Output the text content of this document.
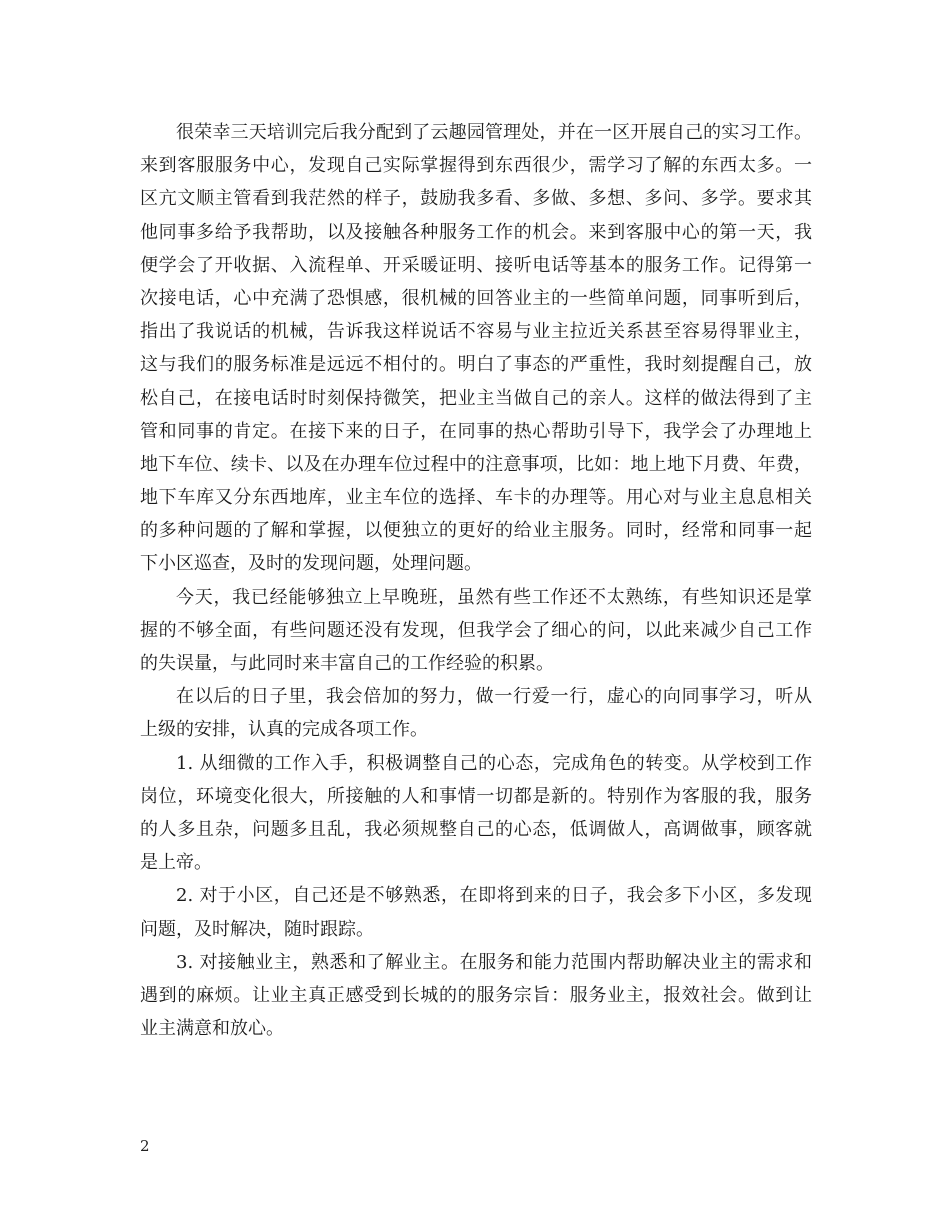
很荣幸三天培训完后我分配到了云趣园管理处，并在一区开展自己的实习工作。
来到客服服务中心，发现自己实际掌握得到东西很少，需学习了解的东西太多。一
区亢文顺主管看到我茫然的样子，鼓励我多看、多做、多想、多问、多学。要求其
他同事多给予我帮助，以及接触各种服务工作的机会。来到客服中心的第一天，我
便学会了开收据、入流程单、开采暖证明、接听电话等基本的服务工作。记得第一
次接电话，心中充满了恐惧感，很机械的回答业主的一些简单问题，同事听到后，
指出了我说话的机械，告诉我这样说话不容易与业主拉近关系甚至容易得罪业主，
这与我们的服务标准是远远不相付的。明白了事态的严重性，我时刻提醒自己，放
松自己，在接电话时时刻保持微笑，把业主当做自己的亲人。这样的做法得到了主
管和同事的肯定。在接下来的日子，在同事的热心帮助引导下，我学会了办理地上
地下车位、续卡、以及在办理车位过程中的注意事项，比如：地上地下月费、年费，
地下车库又分东西地库，业主车位的选择、车卡的办理等。用心对与业主息息相关
的多种问题的了解和掌握，以便独立的更好的给业主服务。同时，经常和同事一起
下小区巡查，及时的发现问题，处理问题。
今天，我已经能够独立上早晚班，虽然有些工作还不太熟练，有些知识还是掌
握的不够全面，有些问题还没有发现，但我学会了细心的问，以此来减少自己工作
的失误量，与此同时来丰富自己的工作经验的积累。
在以后的日子里，我会倍加的努力，做一行爱一行，虚心的向同事学习，听从
上级的安排，认真的完成各项工作。
1. 从细微的工作入手，积极调整自己的心态，完成角色的转变。从学校到工作
岗位，环境变化很大，所接触的人和事情一切都是新的。特别作为客服的我，服务
的人多且杂，问题多且乱，我必须规整自己的心态，低调做人，高调做事，顾客就
是上帝。
2. 对于小区，自己还是不够熟悉，在即将到来的日子，我会多下小区，多发现
问题，及时解决，随时跟踪。
3. 对接触业主，熟悉和了解业主。在服务和能力范围内帮助解决业主的需求和
遇到的麻烦。让业主真正感受到长城的的服务宗旨：服务业主，报效社会。做到让
业主满意和放心。
2
